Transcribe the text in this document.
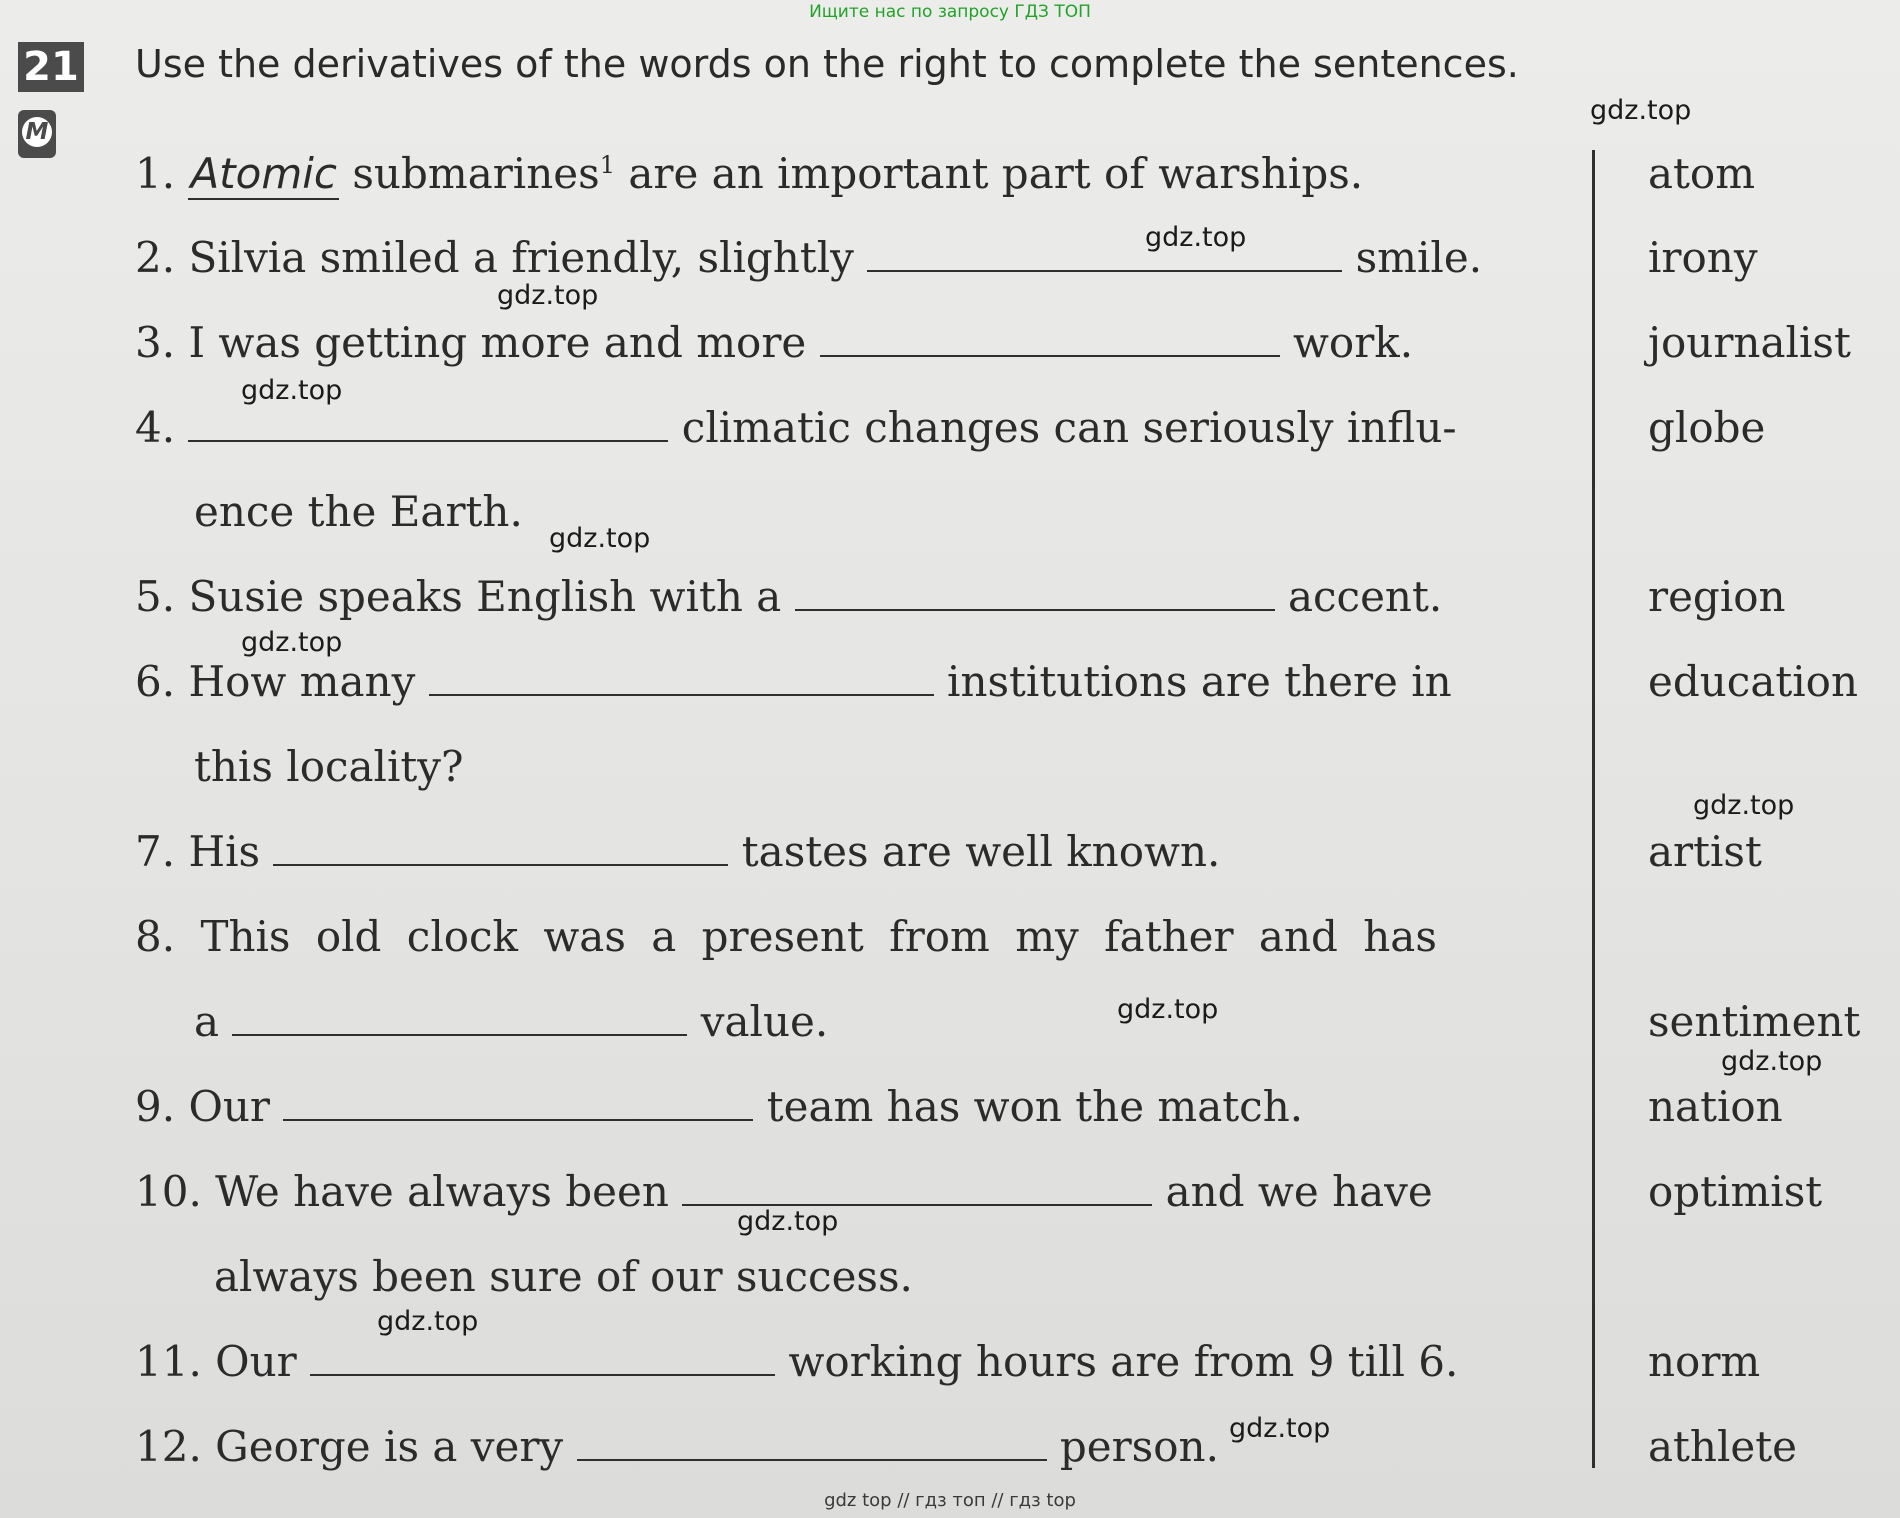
Ищите нас по запросу ГДЗ ТОП
21
M
Use the derivatives of the words on the right to complete the sentences.
1. Atomic submarines$^1$ are an important part of warships.	atom
2. Silvia smiled a friendly, slightly	smile.	irony
3. I was getting more and more	work.	journalist
4.	climatic changes can seriously influ-	globe
ence the Earth.
5. Susie speaks English with a	accent.	region
6. How many	institutions are there in	education
this locality?
7. His	tastes are well known.	artist
8. This old clock was a present from my father and has
a	value.	sentiment
9. Our	team has won the match.	nation
10. We have always been	and we have	optimist
always been sure of our success.
11. Our	working hours are from 9 till 6.	norm
12. George is a very	person.	athlete
gdz.top
gdz.top
gdz.top
gdz.top
gdz.top
gdz.top
gdz.top
gdz.top
gdz.top
gdz.top
gdz.top
gdz.top
gdz top // гдз топ // гдз top
